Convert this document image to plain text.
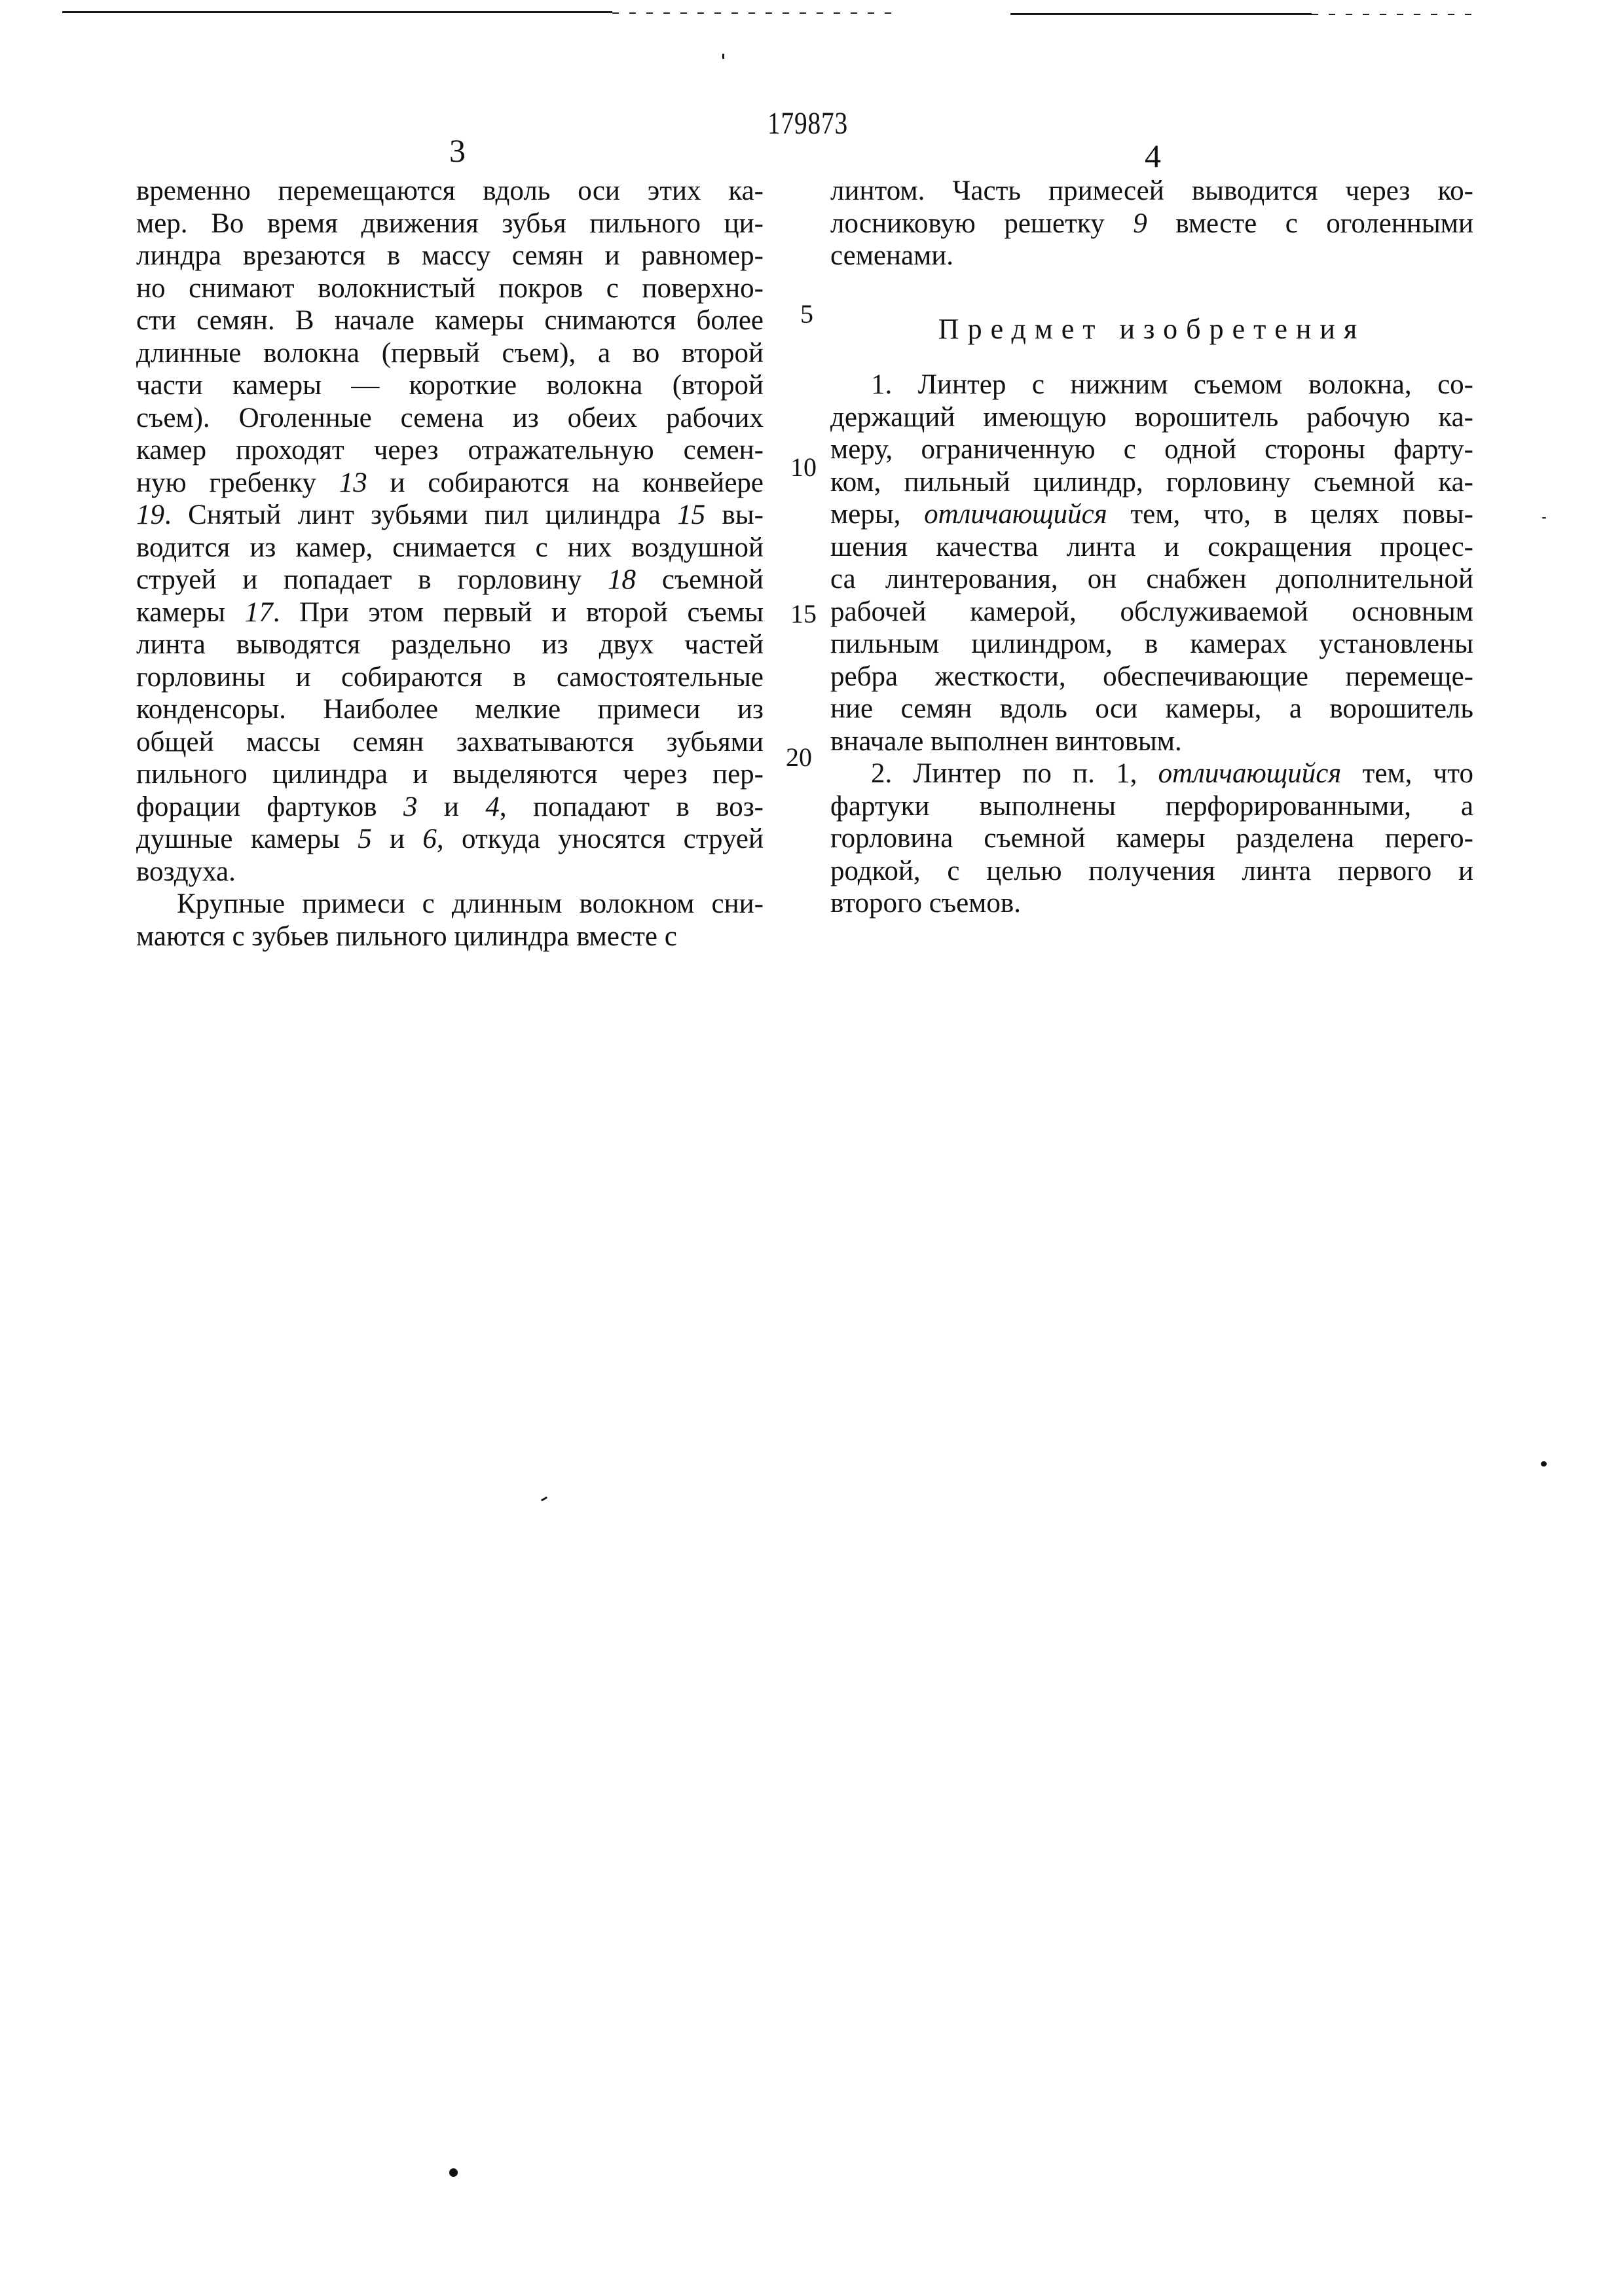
179873
3	4
временно перемещаются вдоль оси этих ка-
мер. Во время движения зубья пильного ци-
линдра врезаются в массу семян и равномер-
но снимают волокнистый покров с поверхно-
сти семян. В начале камеры снимаются более
длинные волокна (первый съем), а во второй
части камеры — короткие волокна (второй
съем). Оголенные семена из обеих рабочих
камер проходят через отражательную семен-
ную гребенку 13 и собираются на конвейере
19. Снятый линт зубьями пил цилиндра 15 вы-
водится из камер, снимается с них воздушной
струей и попадает в горловину 18 съемной
камеры 17. При этом первый и второй съемы
линта выводятся раздельно из двух частей
горловины и собираются в самостоятельные
конденсоры. Наиболее мелкие примеси из
общей массы семян захватываются зубьями
пильного цилиндра и выделяются через пер-
форации фартуков 3 и 4, попадают в воз-
душные камеры 5 и 6, откуда уносятся струей
воздуха.
Крупные примеси с длинным волокном сни-
маются с зубьев пильного цилиндра вместе с
линтом. Часть примесей выводится через ко-
лосниковую решетку 9 вместе с оголенными
семенами.
Предмет изобретения
1. Линтер с нижним съемом волокна, со-
держащий имеющую ворошитель рабочую ка-
меру, ограниченную с одной стороны фарту-
ком, пильный цилиндр, горловину съемной ка-
меры, отличающийся тем, что, в целях повы-
шения качества линта и сокращения процес-
са линтерования, он снабжен дополнительной
рабочей камерой, обслуживаемой основным
пильным цилиндром, в камерах установлены
ребра жесткости, обеспечивающие перемеще-
ние семян вдоль оси камеры, а ворошитель
вначале выполнен винтовым.
2. Линтер по п. 1, отличающийся тем, что
фартуки выполнены перфорированными, а
горловина съемной камеры разделена перего-
родкой, с целью получения линта первого и
второго съемов.
5
10
15
20
